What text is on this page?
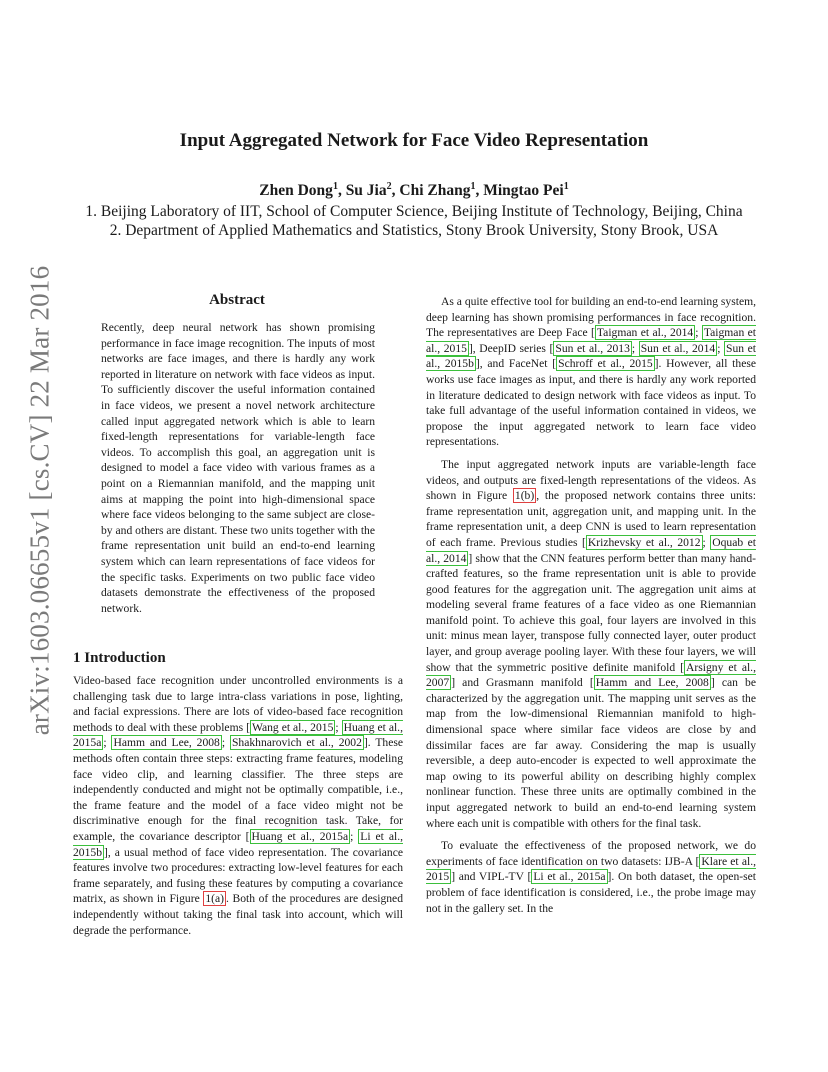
arXiv:1603.06655v1 [cs.CV] 22 Mar 2016
Input Aggregated Network for Face Video Representation
Zhen Dong$^1$, Su Jia$^2$, Chi Zhang$^1$, Mingtao Pei$^1$
1. Beijing Laboratory of IIT, School of Computer Science, Beijing Institute of Technology, Beijing, China
2. Department of Applied Mathematics and Statistics, Stony Brook University, Stony Brook, USA
Abstract

Recently, deep neural network has shown promising performance in face image recognition. The inputs of most networks are face images, and there is hardly any work reported in literature on network with face videos as input. To sufficiently discover the useful information contained in face videos, we present a novel network architecture called input aggregated network which is able to learn fixed-length representations for variable-length face videos. To accomplish this goal, an aggregation unit is designed to model a face video with various frames as a point on a Riemannian manifold, and the mapping unit aims at mapping the point into high-dimensional space where face videos belonging to the same subject are close-by and others are distant. These two units together with the frame representation unit build an end-to-end learning system which can learn representations of face videos for the specific tasks. Experiments on two public face video datasets demonstrate the effectiveness of the proposed network.

1 Introduction

Video-based face recognition under uncontrolled environments is a challenging task due to large intra-class variations in pose, lighting, and facial expressions. There are lots of video-based face recognition methods to deal with these problems [ Wang et al., 2015 ; Huang et al., 2015a ; Hamm and Lee, 2008 ; Shakhnarovich et al., 2002 ]. These methods often contain three steps: extracting frame features, modeling face video clip, and learning classifier. The three steps are independently conducted and might not be optimally compatible, i.e., the frame feature and the model of a face video might not be discriminative enough for the final recognition task. Take, for example, the covariance descriptor [ Huang et al., 2015a ; Li et al., 2015b ], a usual method of face video representation. The covariance features involve two procedures: extracting low-level features for each frame separately, and fusing these features by computing a covariance matrix, as shown in Figure 1(a) . Both of the procedures are designed independently without taking the final task into account, which will degrade the performance.

As a quite effective tool for building an end-to-end learning system, deep learning has shown promising performances in face recognition. The representatives are Deep Face [ Taigman et al., 2014 ; Taigman et al., 2015 ], DeepID series [ Sun et al., 2013 ; Sun et al., 2014 ; Sun et al., 2015b ], and FaceNet [ Schroff et al., 2015 ]. However, all these works use face images as input, and there is hardly any work reported in literature dedicated to design network with face videos as input. To take full advantage of the useful information contained in videos, we propose the input aggregated network to learn face video representations.

The input aggregated network inputs are variable-length face videos, and outputs are fixed-length representations of the videos. As shown in Figure 1(b) , the proposed network contains three units: frame representation unit, aggregation unit, and mapping unit. In the frame representation unit, a deep CNN is used to learn representation of each frame. Previous studies [ Krizhevsky et al., 2012 ; Oquab et al., 2014 ] show that the CNN features perform better than many hand-crafted features, so the frame representation unit is able to provide good features for the aggregation unit. The aggregation unit aims at modeling several frame features of a face video as one Riemannian manifold point. To achieve this goal, four layers are involved in this unit: minus mean layer, transpose fully connected layer, outer product layer, and group average pooling layer. With these four layers, we will show that the symmetric positive definite manifold [ Arsigny et al., 2007 ] and Grasmann manifold [ Hamm and Lee, 2008 ] can be characterized by the aggregation unit. The mapping unit serves as the map from the low-dimensional Riemannian manifold to high-dimensional space where similar face videos are close by and dissimilar faces are far away. Considering the map is usually reversible, a deep auto-encoder is expected to well approximate the map owing to its powerful ability on describing highly complex nonlinear function. These three units are optimally combined in the input aggregated network to build an end-to-end learning system where each unit is compatible with others for the final task.

To evaluate the effectiveness of the proposed network, we do experiments of face identification on two datasets: IJB-A [ Klare et al., 2015 ] and VIPL-TV [ Li et al., 2015a ]. On both dataset, the open-set problem of face identification is considered, i.e., the probe image may not in the gallery set. In the
